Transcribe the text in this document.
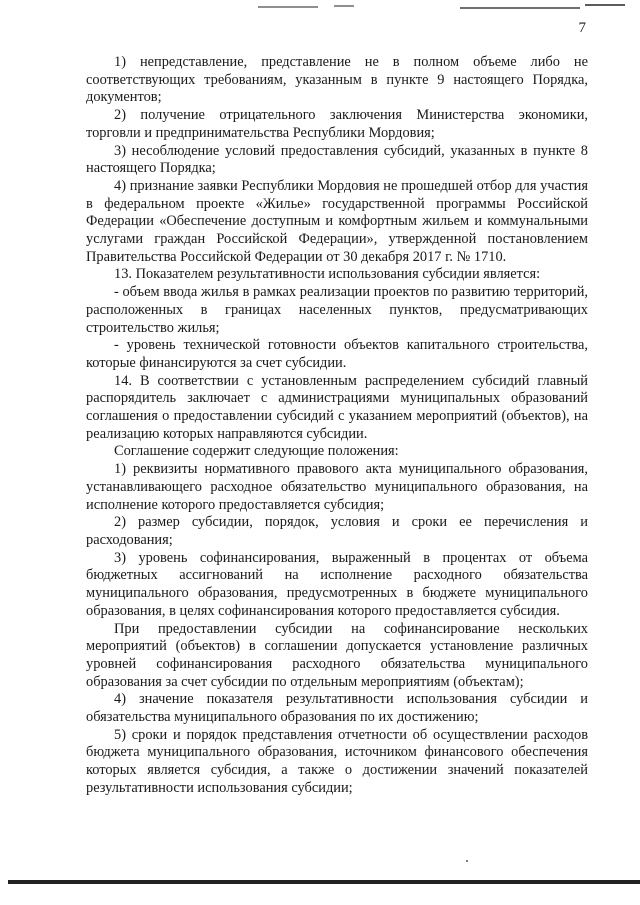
7

1) непредставление, представление не в полном объеме либо не соответствующих требованиям, указанным в пункте 9 настоящего Порядка, документов;

2) получение отрицательного заключения Министерства экономики, торговли и предпринимательства Республики Мордовия;

3) несоблюдение условий предоставления субсидий, указанных в пункте 8 настоящего Порядка;

4) признание заявки Республики Мордовия не прошедшей отбор для участия в федеральном проекте «Жилье» государственной программы Российской Федерации «Обеспечение доступным и комфортным жильем и коммунальными услугами граждан Российской Федерации», утвержденной постановлением Правительства Российской Федерации от 30 декабря 2017 г. № 1710.

13. Показателем результативности использования субсидии является:

- объем ввода жилья в рамках реализации проектов по развитию территорий, расположенных в границах населенных пунктов, предусматривающих строительство жилья;

- уровень технической готовности объектов капитального строительства, которые финансируются за счет субсидии.

14. В соответствии с установленным распределением субсидий главный распорядитель заключает с администрациями муниципальных образований соглашения о предоставлении субсидий с указанием мероприятий (объектов), на реализацию которых направляются субсидии.

Соглашение содержит следующие положения:

1) реквизиты нормативного правового акта муниципального образования, устанавливающего расходное обязательство муниципального образования, на исполнение которого предоставляется субсидия;

2) размер субсидии, порядок, условия и сроки ее перечисления и расходования;

3) уровень софинансирования, выраженный в процентах от объема бюджетных ассигнований на исполнение расходного обязательства муниципального образования, предусмотренных в бюджете муниципального образования, в целях софинансирования которого предоставляется субсидия.

При предоставлении субсидии на софинансирование нескольких мероприятий (объектов) в соглашении допускается установление различных уровней софинансирования расходного обязательства муниципального образования за счет субсидии по отдельным мероприятиям (объектам);

4) значение показателя результативности использования субсидии и обязательства муниципального образования по их достижению;

5) сроки и порядок представления отчетности об осуществлении расходов бюджета муниципального образования, источником финансового обеспечения которых является субсидия, а также о достижении значений показателей результативности использования субсидии;
